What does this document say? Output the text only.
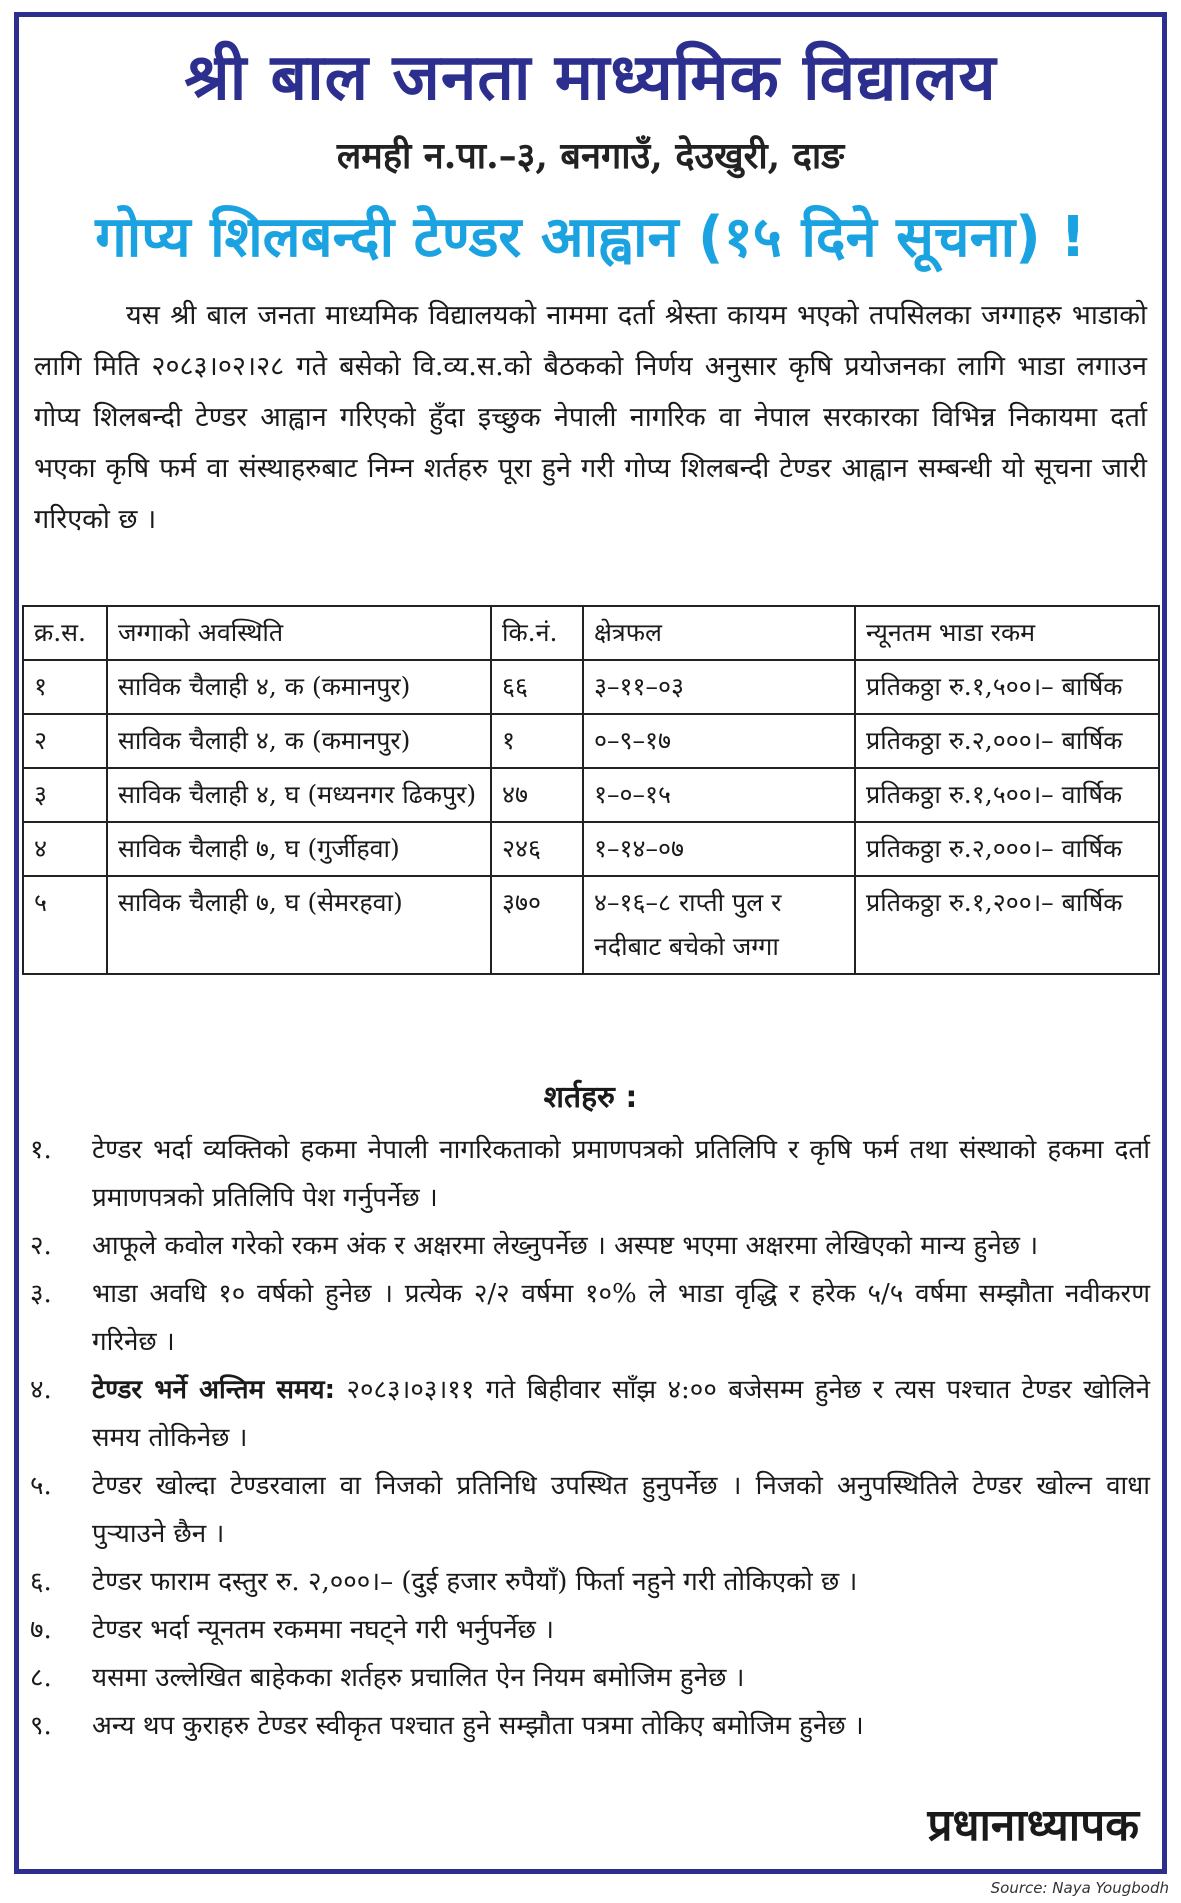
श्री बाल जनता माध्यमिक विद्यालय
लमही न.पा.–३, बनगाउँ, देउखुरी, दाङ
गोप्य शिलबन्दी टेण्डर आह्वान (१५ दिने सूचना) !

यस श्री बाल जनता माध्यमिक विद्यालयको नाममा दर्ता श्रेस्ता कायम भएको तपसिलका जग्गाहरु भाडाको लागि मिति २०८३।०२।२८ गते बसेको वि.व्य.स.को बैठकको निर्णय अनुसार कृषि प्रयोजनका लागि भाडा लगाउन गोप्य शिलबन्दी टेण्डर आह्वान गरिएको हुँदा इच्छुक नेपाली नागरिक वा नेपाल सरकारका विभिन्न निकायमा दर्ता भएका कृषि फर्म वा संस्थाहरुबाट निम्न शर्तहरु पूरा हुने गरी गोप्य शिलबन्दी टेण्डर आह्वान सम्बन्धी यो सूचना जारी गरिएको छ ।

क्र.स.	जग्गाको अवस्थिति	कि.नं.	क्षेत्रफल	न्यूनतम भाडा रकम
१	साविक चैलाही ४, क (कमानपुर)	६६	३–११–०३	प्रतिकठ्ठा रु.१,५००।– बार्षिक
२	साविक चैलाही ४, क (कमानपुर)	१	०–९–१७	प्रतिकठ्ठा रु.२,०००।– बार्षिक
३	साविक चैलाही ४, घ (मध्यनगर ढिकपुर)	४७	१–०–१५	प्रतिकठ्ठा रु.१,५००।– वार्षिक
४	साविक चैलाही ७, घ (गुर्जीहवा)	२४६	१–१४–०७	प्रतिकठ्ठा रु.२,०००।– वार्षिक
५	साविक चैलाही ७, घ (सेमरहवा)	३७०	४–१६–८ राप्ती पुल र नदीबाट बचेको जग्गा	प्रतिकठ्ठा रु.१,२००।– बार्षिक
शर्तहरु :
१.	टेण्डर भर्दा व्यक्तिको हकमा नेपाली नागरिकताको प्रमाणपत्रको प्रतिलिपि र कृषि फर्म तथा संस्थाको हकमा दर्ता प्रमाणपत्रको प्रतिलिपि पेश गर्नुपर्नेछ ।
२.	आफूले कवोल गरेको रकम अंक र अक्षरमा लेख्नुपर्नेछ । अस्पष्ट भएमा अक्षरमा लेखिएको मान्य हुनेछ ।
३.	भाडा अवधि १० वर्षको हुनेछ । प्रत्येक २/२ वर्षमा १०% ले भाडा वृद्धि र हरेक ५/५ वर्षमा सम्झौता नवीकरण गरिनेछ ।
४.	टेण्डर भर्ने अन्तिम समय: २०८३।०३।११ गते बिहीवार साँझ ४:०० बजेसम्म हुनेछ र त्यस पश्चात टेण्डर खोलिने समय तोकिनेछ ।
५.	टेण्डर खोल्दा टेण्डरवाला वा निजको प्रतिनिधि उपस्थित हुनुपर्नेछ । निजको अनुपस्थितिले टेण्डर खोल्न वाधा पुऱ्याउने छैन ।
६.	टेण्डर फाराम दस्तुर रु. २,०००।– (दुई हजार रुपैयाँ) फिर्ता नहुने गरी तोकिएको छ ।
७.	टेण्डर भर्दा न्यूनतम रकममा नघट्ने गरी भर्नुपर्नेछ ।
८.	यसमा उल्लेखित बाहेकका शर्तहरु प्रचालित ऐन नियम बमोजिम हुनेछ ।
९.	अन्य थप कुराहरु टेण्डर स्वीकृत पश्चात हुने सम्झौता पत्रमा तोकिए बमोजिम हुनेछ ।
प्रधानाध्यापक
Source: Naya Yougbodh
